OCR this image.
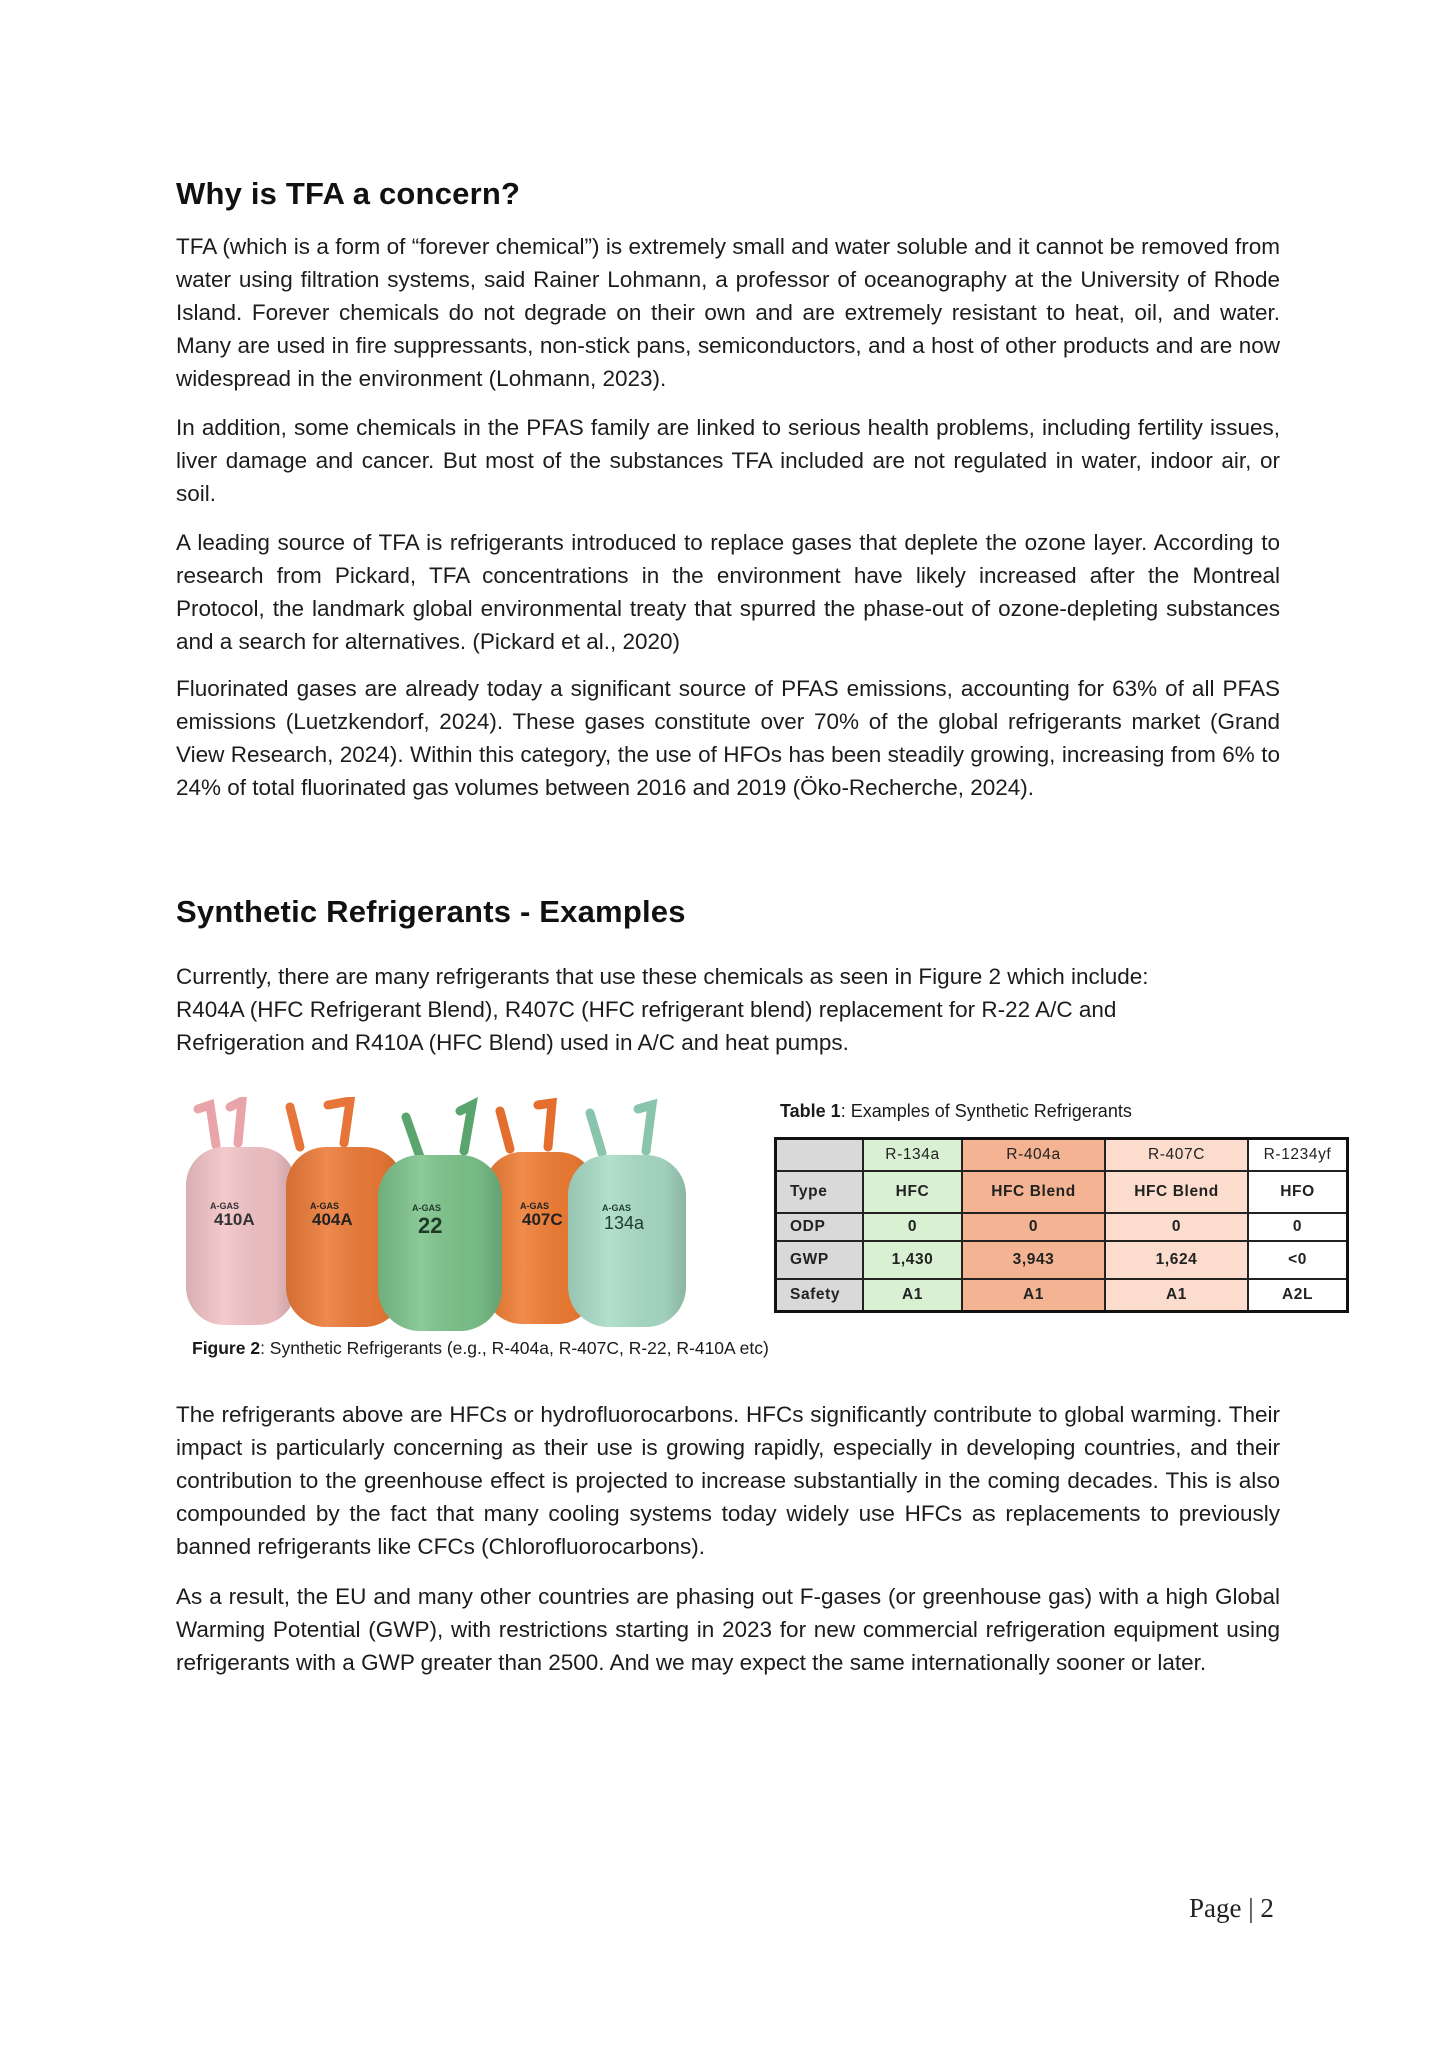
Why is TFA a concern?

TFA (which is a form of “forever chemical”) is extremely small and water soluble and it cannot be removed from water using filtration systems, said Rainer Lohmann, a professor of oceanography at the University of Rhode Island. Forever chemicals do not degrade on their own and are extremely resistant to heat, oil, and water. Many are used in fire suppressants, non-stick pans, semiconductors, and a host of other products and are now widespread in the environment (Lohmann, 2023).

In addition, some chemicals in the PFAS family are linked to serious health problems, including fertility issues, liver damage and cancer. But most of the substances TFA included are not regulated in water, indoor air, or soil.

A leading source of TFA is refrigerants introduced to replace gases that deplete the ozone layer. According to research from Pickard, TFA concentrations in the environment have likely increased after the Montreal Protocol, the landmark global environmental treaty that spurred the phase-out of ozone-depleting substances and a search for alternatives. (Pickard et al., 2020)

Fluorinated gases are already today a significant source of PFAS emissions, accounting for 63% of all PFAS emissions (Luetzkendorf, 2024). These gases constitute over 70% of the global refrigerants market (Grand View Research, 2024). Within this category, the use of HFOs has been steadily growing, increasing from 6% to 24% of total fluorinated gas volumes between 2016 and 2019 (Öko-Recherche, 2024).

Synthetic Refrigerants - Examples

Currently, there are many refrigerants that use these chemicals as seen in Figure 2 which include: R404A (HFC Refrigerant Blend), R407C (HFC refrigerant blend) replacement for R-22 A/C and Refrigeration and R410A (HFC Blend) used in A/C and heat pumps.

A-GAS
410A
A-GAS
404A
A-GAS
407C
A-GAS
22
A-GAS
134a
Figure 2: Synthetic Refrigerants (e.g., R-404a, R-407C, R-22, R-410A etc)
Table 1: Examples of Synthetic Refrigerants
	R-134a	R-404a	R-407C	R-1234yf
Type	HFC	HFC Blend	HFC Blend	HFO
ODP	0	0	0	0
GWP	1,430	3,943	1,624	<0
Safety	A1	A1	A1	A2L

The refrigerants above are HFCs or hydrofluorocarbons. HFCs significantly contribute to global warming. Their impact is particularly concerning as their use is growing rapidly, especially in developing countries, and their contribution to the greenhouse effect is projected to increase substantially in the coming decades. This is also compounded by the fact that many cooling systems today widely use HFCs as replacements to previously banned refrigerants like CFCs (Chlorofluorocarbons).

As a result, the EU and many other countries are phasing out F-gases (or greenhouse gas) with a high Global Warming Potential (GWP), with restrictions starting in 2023 for new commercial refrigeration equipment using refrigerants with a GWP greater than 2500. And we may expect the same internationally sooner or later.

Page | 2
